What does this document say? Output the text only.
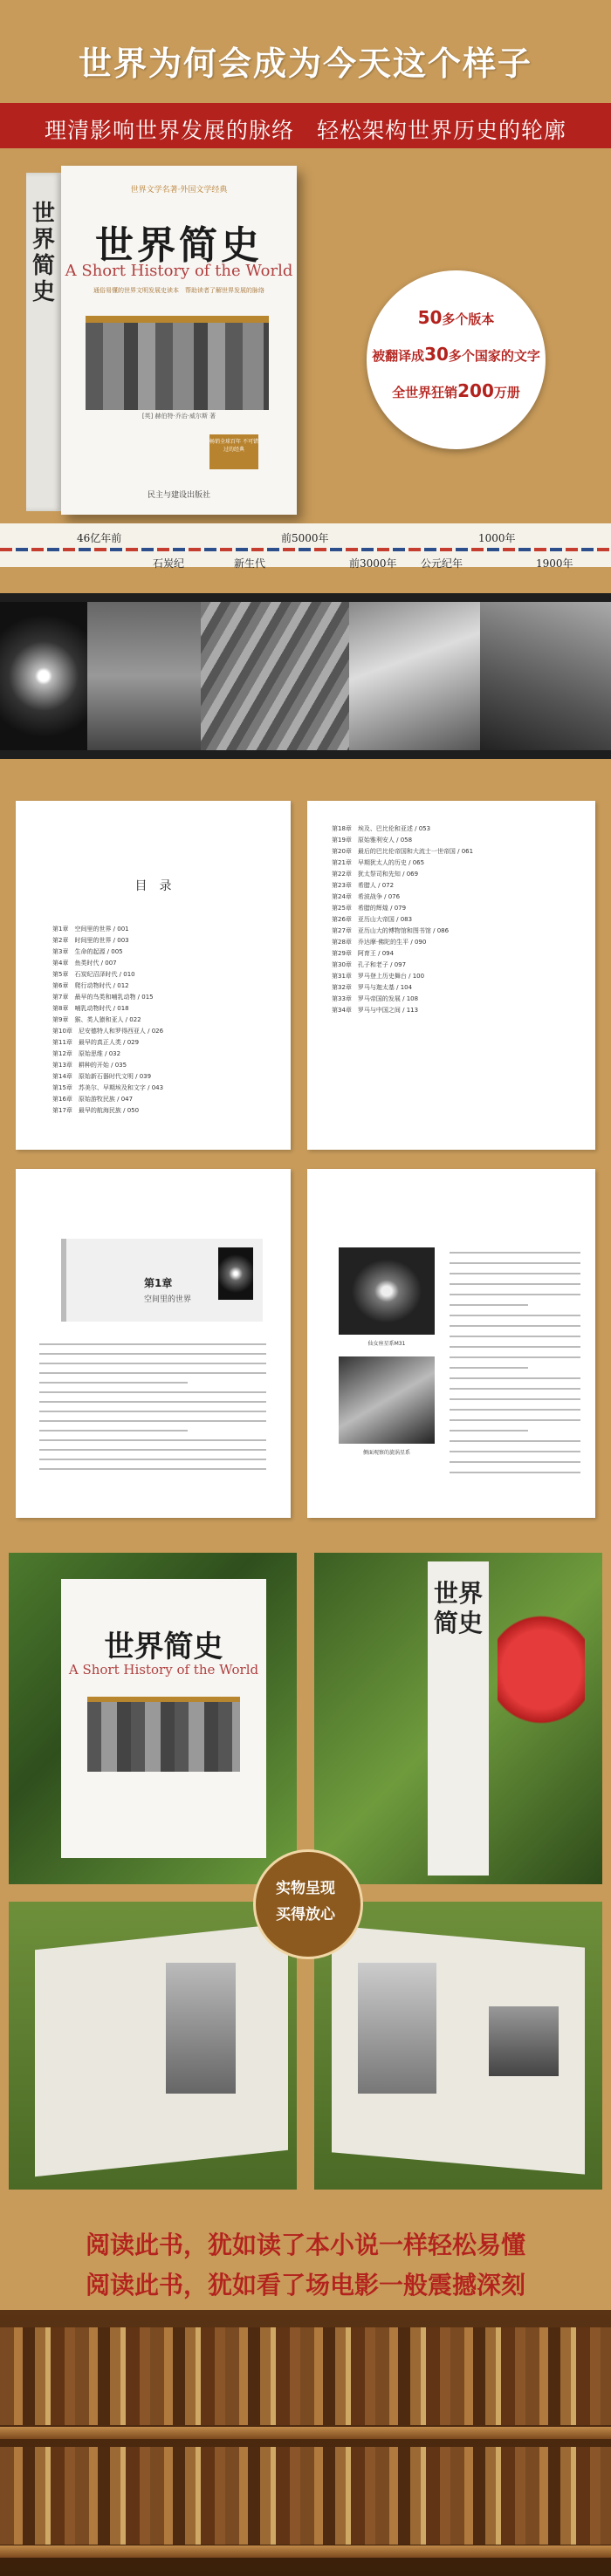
世界为何会成为今天这个样子
理清影响世界发展的脉络　轻松架构世界历史的轮廓
世界简史
世界文学名著·外国文学经典
世界简史
A Short History of the World
通俗易懂的世界文明发展史读本　帮助读者了解世界发展的脉络
[英] 赫伯特·乔治·威尔斯 著
畅销全球百年 不可错过的经典
民主与建设出版社
50多个版本
被翻译成30多个国家的文字
全世界狂销200万册
46亿年前	前5000年	1000年
石炭纪	新生代	前3000年 公元纪年	1900年
目　录
第1章　空间里的世界 / 001
第2章　时间里的世界 / 003
第3章　生命的起源 / 005
第4章　鱼类时代 / 007
第5章　石炭纪沼泽时代 / 010
第6章　爬行动物时代 / 012
第7章　最早的鸟类和哺乳动物 / 015
第8章　哺乳动物时代 / 018
第9章　猴、类人猿和亚人 / 022
第10章　尼安德特人和罗得西亚人 / 026
第11章　最早的真正人类 / 029
第12章　原始思维 / 032
第13章　耕种的开始 / 035
第14章　原始新石器时代文明 / 039
第15章　苏美尔、早期埃及和文字 / 043
第16章　原始游牧民族 / 047
第17章　最早的航海民族 / 050
第18章　埃及、巴比伦和亚述 / 053
第19章　原始雅利安人 / 058
第20章　最后的巴比伦帝国和大流士一世帝国 / 061
第21章　早期犹太人的历史 / 065
第22章　犹太祭司和先知 / 069
第23章　希腊人 / 072
第24章　希波战争 / 076
第25章　希腊的辉煌 / 079
第26章　亚历山大帝国 / 083
第27章　亚历山大的博物馆和图书馆 / 086
第28章　乔达摩·佛陀的生平 / 090
第29章　阿育王 / 094
第30章　孔子和老子 / 097
第31章　罗马登上历史舞台 / 100
第32章　罗马与迦太基 / 104
第33章　罗马帝国的发展 / 108
第34章　罗马与中国之间 / 113
第1章
空间里的世界
仙女座星系M31
侧面观察的旋涡星系
世界简史
A Short History of the World
世界简史
实物呈现
买得放心
阅读此书，犹如读了本小说一样轻松易懂
阅读此书，犹如看了场电影一般震撼深刻
